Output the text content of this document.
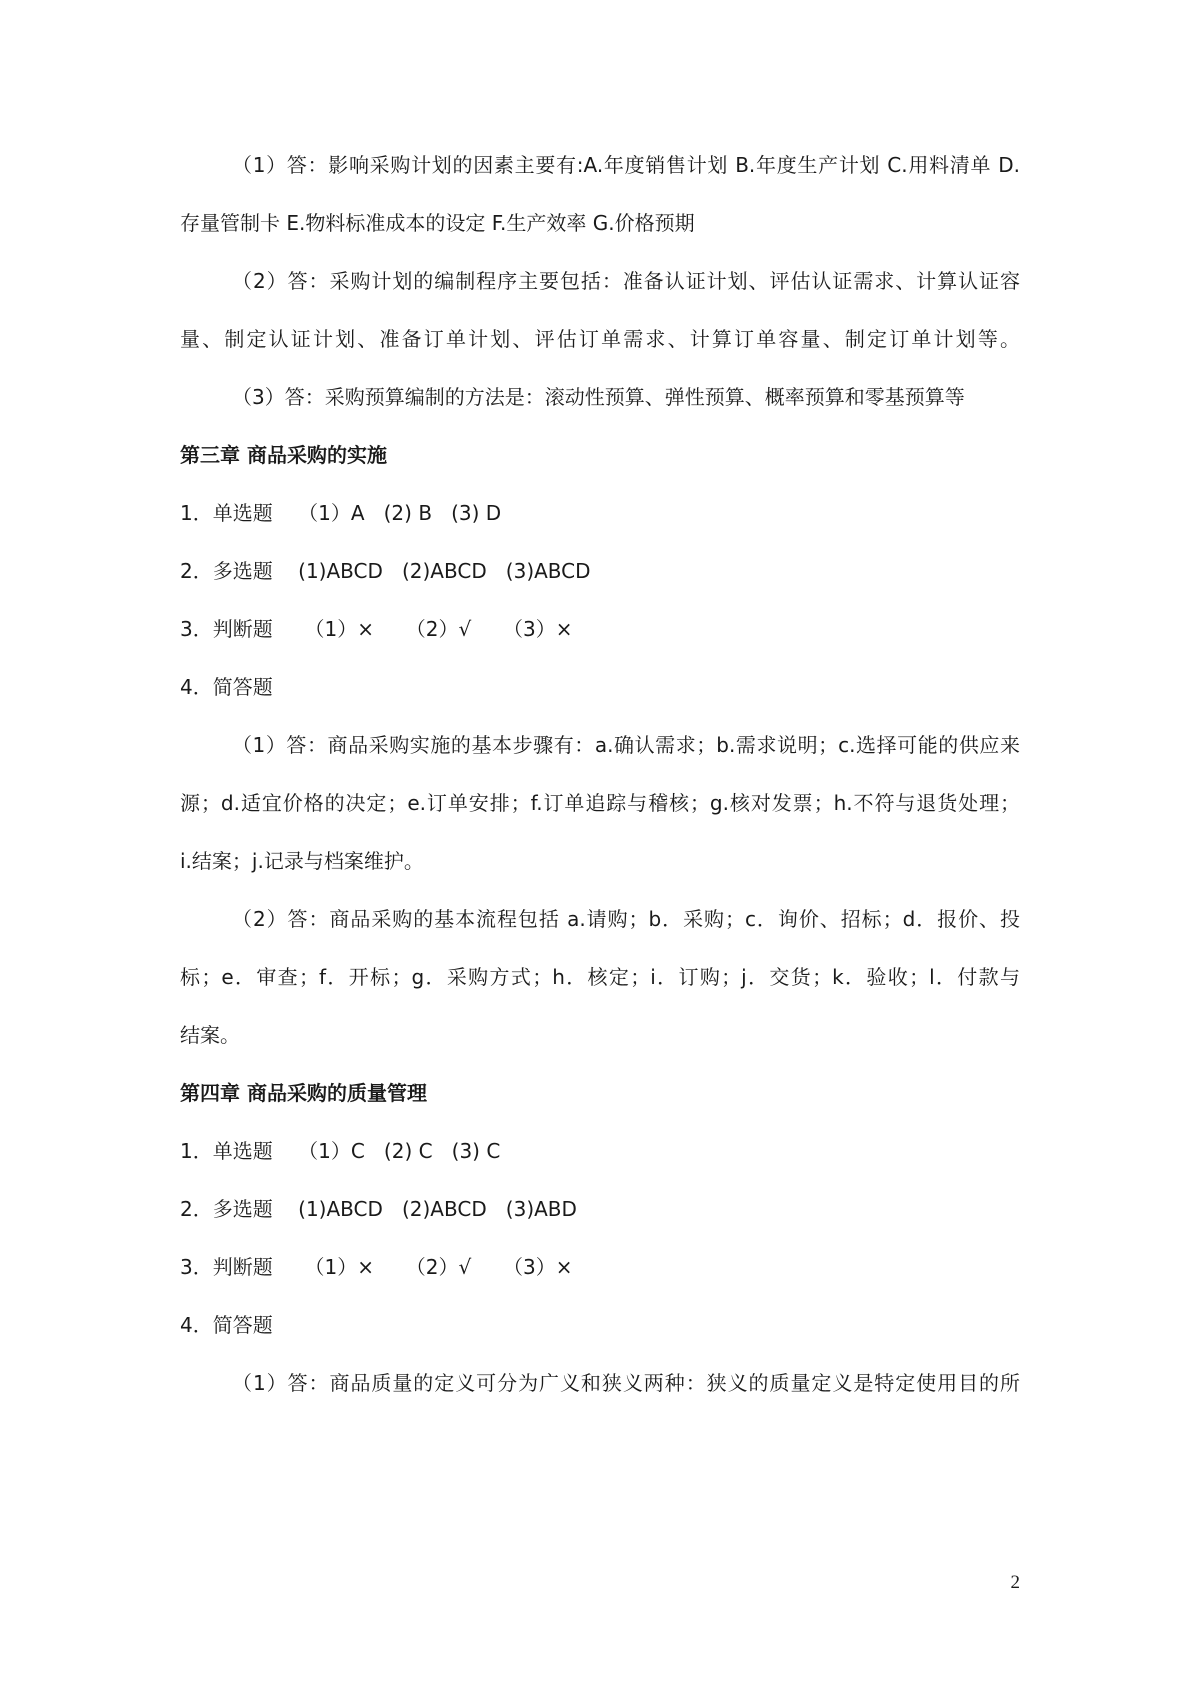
（1）答：影响采购计划的因素主要有:A.年度销售计划 B.年度生产计划 C.用料清单 D.
存量管制卡 E.物料标准成本的设定 F.生产效率 G.价格预期
（2）答：采购计划的编制程序主要包括：准备认证计划、评估认证需求、计算认证容
量、制定认证计划、准备订单计划、评估订单需求、计算订单容量、制定订单计划等。
（3）答：采购预算编制的方法是：滚动性预算、弹性预算、概率预算和零基预算等
第三章 商品采购的实施
1．单选题    （1）A   (2) B   (3) D
2．多选题    (1)ABCD   (2)ABCD   (3)ABCD
3．判断题     （1）×     （2）√     （3）×
4．简答题
（1）答：商品采购实施的基本步骤有：a.确认需求；b.需求说明；c.选择可能的供应来
源；d.适宜价格的决定；e.订单安排；f.订单追踪与稽核；g.核对发票；h.不符与退货处理；
i.结案；j.记录与档案维护。
（2）答：商品采购的基本流程包括 a.请购；b．采购；c．询价、招标；d．报价、投
标；e．审查；f．开标；g．采购方式；h．核定；i．订购；j．交货；k．验收；l．付款与
结案。
第四章 商品采购的质量管理
1．单选题    （1）C   (2) C   (3) C
2．多选题    (1)ABCD   (2)ABCD   (3)ABD
3．判断题     （1）×     （2）√     （3）×
4．简答题
（1）答：商品质量的定义可分为广义和狭义两种：狭义的质量定义是特定使用目的所
2
